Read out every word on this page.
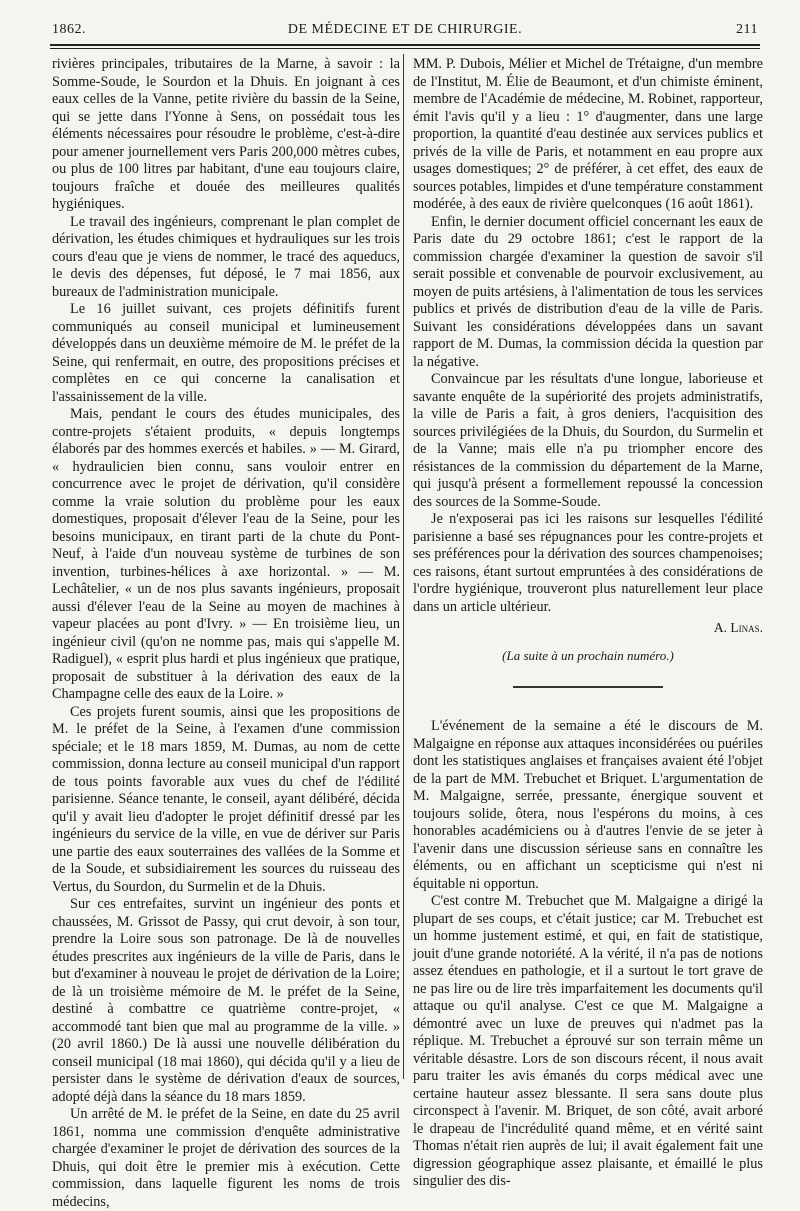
1862.	DE MÉDECINE ET DE CHIRURGIE.	211

rivières principales, tributaires de la Marne, à savoir : la Somme-Soude, le Sourdon et la Dhuis. En joignant à ces eaux celles de la Vanne, petite rivière du bassin de la Seine, qui se jette dans l'Yonne à Sens, on possédait tous les éléments nécessaires pour résoudre le problème, c'est-à-dire pour amener journellement vers Paris 200,000 mètres cubes, ou plus de 100 litres par habitant, d'une eau toujours claire, toujours fraîche et douée des meilleures qualités hygiéniques.

Le travail des ingénieurs, comprenant le plan complet de dérivation, les études chimiques et hydrauliques sur les trois cours d'eau que je viens de nommer, le tracé des aqueducs, le devis des dépenses, fut déposé, le 7 mai 1856, aux bureaux de l'administration municipale.

Le 16 juillet suivant, ces projets définitifs furent communiqués au conseil municipal et lumineusement développés dans un deuxième mémoire de M. le préfet de la Seine, qui renfermait, en outre, des propositions précises et complètes en ce qui concerne la canalisation et l'assainissement de la ville.

Mais, pendant le cours des études municipales, des contre-projets s'étaient produits, « depuis longtemps élaborés par des hommes exercés et habiles. » — M. Girard, « hydraulicien bien connu, sans vouloir entrer en concurrence avec le projet de dérivation, qu'il considère comme la vraie solution du problème pour les eaux domestiques, proposait d'élever l'eau de la Seine, pour les besoins municipaux, en tirant parti de la chute du Pont-Neuf, à l'aide d'un nouveau système de turbines de son invention, turbines-hélices à axe horizontal. » — M. Lechâtelier, « un de nos plus savants ingénieurs, proposait aussi d'élever l'eau de la Seine au moyen de machines à vapeur placées au pont d'Ivry. » — En troisième lieu, un ingénieur civil (qu'on ne nomme pas, mais qui s'appelle M. Radiguel), « esprit plus hardi et plus ingénieux que pratique, proposait de substituer à la dérivation des eaux de la Champagne celle des eaux de la Loire. »

Ces projets furent soumis, ainsi que les propositions de M. le préfet de la Seine, à l'examen d'une commission spéciale; et le 18 mars 1859, M. Dumas, au nom de cette commission, donna lecture au conseil municipal d'un rapport de tous points favorable aux vues du chef de l'édilité parisienne. Séance tenante, le conseil, ayant délibéré, décida qu'il y avait lieu d'adopter le projet définitif dressé par les ingénieurs du service de la ville, en vue de dériver sur Paris une partie des eaux souterraines des vallées de la Somme et de la Soude, et subsidiairement les sources du ruisseau des Vertus, du Sourdon, du Surmelin et de la Dhuis.

Sur ces entrefaites, survint un ingénieur des ponts et chaussées, M. Grissot de Passy, qui crut devoir, à son tour, prendre la Loire sous son patronage. De là de nouvelles études prescrites aux ingénieurs de la ville de Paris, dans le but d'examiner à nouveau le projet de dérivation de la Loire; de là un troisième mémoire de M. le préfet de la Seine, destiné à combattre ce quatrième contre-projet, « accommodé tant bien que mal au programme de la ville. » (20 avril 1860.) De là aussi une nouvelle délibération du conseil municipal (18 mai 1860), qui décida qu'il y a lieu de persister dans le système de dérivation d'eaux de sources, adopté déjà dans la séance du 18 mars 1859.

Un arrêté de M. le préfet de la Seine, en date du 25 avril 1861, nomma une commission d'enquête administrative chargée d'examiner le projet de dérivation des sources de la Dhuis, qui doit être le premier mis à exécution. Cette commission, dans laquelle figurent les noms de trois médecins,

MM. P. Dubois, Mélier et Michel de Trétaigne, d'un membre de l'Institut, M. Élie de Beaumont, et d'un chimiste éminent, membre de l'Académie de médecine, M. Robinet, rapporteur, émit l'avis qu'il y a lieu : 1° d'augmenter, dans une large proportion, la quantité d'eau destinée aux services publics et privés de la ville de Paris, et notamment en eau propre aux usages domestiques; 2° de préférer, à cet effet, des eaux de sources potables, limpides et d'une température constamment modérée, à des eaux de rivière quelconques (16 août 1861).

Enfin, le dernier document officiel concernant les eaux de Paris date du 29 octobre 1861; c'est le rapport de la commission chargée d'examiner la question de savoir s'il serait possible et convenable de pourvoir exclusivement, au moyen de puits artésiens, à l'alimentation de tous les services publics et privés de distribution d'eau de la ville de Paris. Suivant les considérations développées dans un savant rapport de M. Dumas, la commission décida la question par la négative.

Convaincue par les résultats d'une longue, laborieuse et savante enquête de la supériorité des projets administratifs, la ville de Paris a fait, à gros deniers, l'acquisition des sources privilégiées de la Dhuis, du Sourdon, du Surmelin et de la Vanne; mais elle n'a pu triompher encore des résistances de la commission du département de la Marne, qui jusqu'à présent a formellement repoussé la concession des sources de la Somme-Soude.

Je n'exposerai pas ici les raisons sur lesquelles l'édilité parisienne a basé ses répugnances pour les contre-projets et ses préférences pour la dérivation des sources champenoises; ces raisons, étant surtout empruntées à des considérations de l'ordre hygiénique, trouveront plus naturellement leur place dans un article ultérieur.

A. Linas.
(La suite à un prochain numéro.)

L'événement de la semaine a été le discours de M. Malgaigne en réponse aux attaques inconsidérées ou puériles dont les statistiques anglaises et françaises avaient été l'objet de la part de MM. Trebuchet et Briquet. L'argumentation de M. Malgaigne, serrée, pressante, énergique souvent et toujours solide, ôtera, nous l'espérons du moins, à ces honorables académiciens ou à d'autres l'envie de se jeter à l'avenir dans une discussion sérieuse sans en connaître les éléments, ou en affichant un scepticisme qui n'est ni équitable ni opportun.

C'est contre M. Trebuchet que M. Malgaigne a dirigé la plupart de ses coups, et c'était justice; car M. Trebuchet est un homme justement estimé, et qui, en fait de statistique, jouit d'une grande notoriété. A la vérité, il n'a pas de notions assez étendues en pathologie, et il a surtout le tort grave de ne pas lire ou de lire très imparfaitement les documents qu'il attaque ou qu'il analyse. C'est ce que M. Malgaigne a démontré avec un luxe de preuves qui n'admet pas la réplique. M. Trebuchet a éprouvé sur son terrain même un véritable désastre. Lors de son discours récent, il nous avait paru traiter les avis émanés du corps médical avec une certaine hauteur assez blessante. Il sera sans doute plus circonspect à l'avenir. M. Briquet, de son côté, avait arboré le drapeau de l'incrédulité quand même, et en vérité saint Thomas n'était rien auprès de lui; il avait également fait une digression géographique assez plaisante, et émaillé le plus singulier des dis-
